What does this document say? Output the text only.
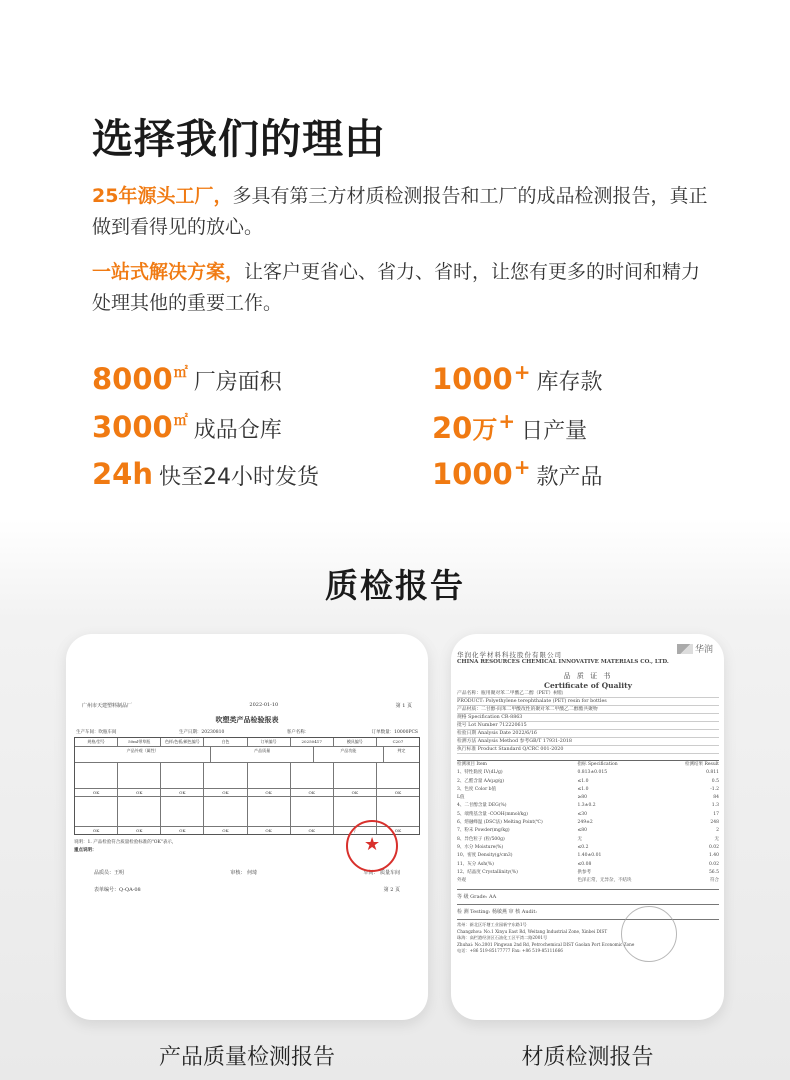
选择我们的理由
25年源头工厂，多具有第三方材质检测报告和工厂的成品检测报告，真正做到看得见的放心。
一站式解决方案，让客户更省心、省力、省时，让您有更多的时间和精力处理其他的重要工作。
8000 ㎡ 厂房面积	1000 + 库存款
3000 ㎡ 成品仓库	20 万 + 日产量
24h 快至24小时发货	1000 + 款产品
质检报告
广州市天建塑料制品厂	2022-01-10	第 1 页
吹塑类产品检验报表
生产车间：吹瓶车间	生产日期：20230810	客户名称：	订单数量：10000PCS
规格/型号	50ml带草瓶	色样/色板/颜色编号	白色	订单编号	20250417	模具编号	C207
产品外观（属性）	产品质量	产品功能	判定
OK	OK	OK	OK	OK	OK	OK	OK
OK	OK	OK	OK	OK	OK	/	OK
说明：1. 产品检验符合质量检验标准的"OK"表示，
重点说明：
品质员：王明	审核： 何琦	车间： 质量车间
表单编号：Q-QA-08	第 2 页
★
华润
华润化学材料科技股份有限公司
CHINA RESOURCES CHEMICAL INNOVATIVE MATERIALS CO., LTD.
品 质 证 书
Certificate of Quality
产品名称：瓶用聚对苯二甲酸乙二醇（PET）树脂
PRODUCT: Polyethylene terephthalate (PET) resin for bottles
产品材质：二甘醇-间苯二甲酸改性的聚对苯二甲酸乙二醇酯共聚物
规格 Specification CR-8863
批号 Lot Number 712220615
检验日期 Analysis Date 2022/6/16
检测方法 Analysis Method 参考GB/T 17931-2018
执行标准 Product Standard Q/CRC 001-2020
检测项目 Item	指标 Specification	检测结果 Result
1、特性黏度 IV(dL/g)	0.813±0.015	0.811
2、乙醛含量 AA(μg/g)	≤1.0	0.5
3、色度 Color b值	≤1.0	-1.2
L值	≥80	84
4、二甘醇含量 DEG(%)	1.3±0.2	1.3
5、端羧基含量 -COOH(mmol/kg)	≤30	17
6、熔融峰温 (DSC法) Melting Point(℃)	249±2	248
7、粉末 Powder(mg/kg)	≤80	2
8、异色粒子 (粒/500g)	无	无
9、水分 Moisture(%)	≤0.2	0.02
10、密度 Density(g/cm3)	1.40±0.01	1.40
11、灰分 Ash(%)	≤0.08	0.02
12、结晶度 Crystallinity(%)	供参考	56.5
外观	色泽正常，无异杂，不结块	符合
等 级 Grade: AA
检 测 Testing: 杨敏燕 审 核 Audit:
常州：新北区圩塘工业园新宇东路1号
Changzhou: No.1 Xinyu East Rd, Weitang Industrial Zone, Xinbei DIST
珠海：高栏港经济区石油化工区平湾二路2001号
Zhuhai: No.2001 Pingwan 2nd Rd, Petrochemical DIST Gaolan Port Economic Zone
电话：+86 519-85177777 Fax: +86 519-85111666
产品质量检测报告	材质检测报告
